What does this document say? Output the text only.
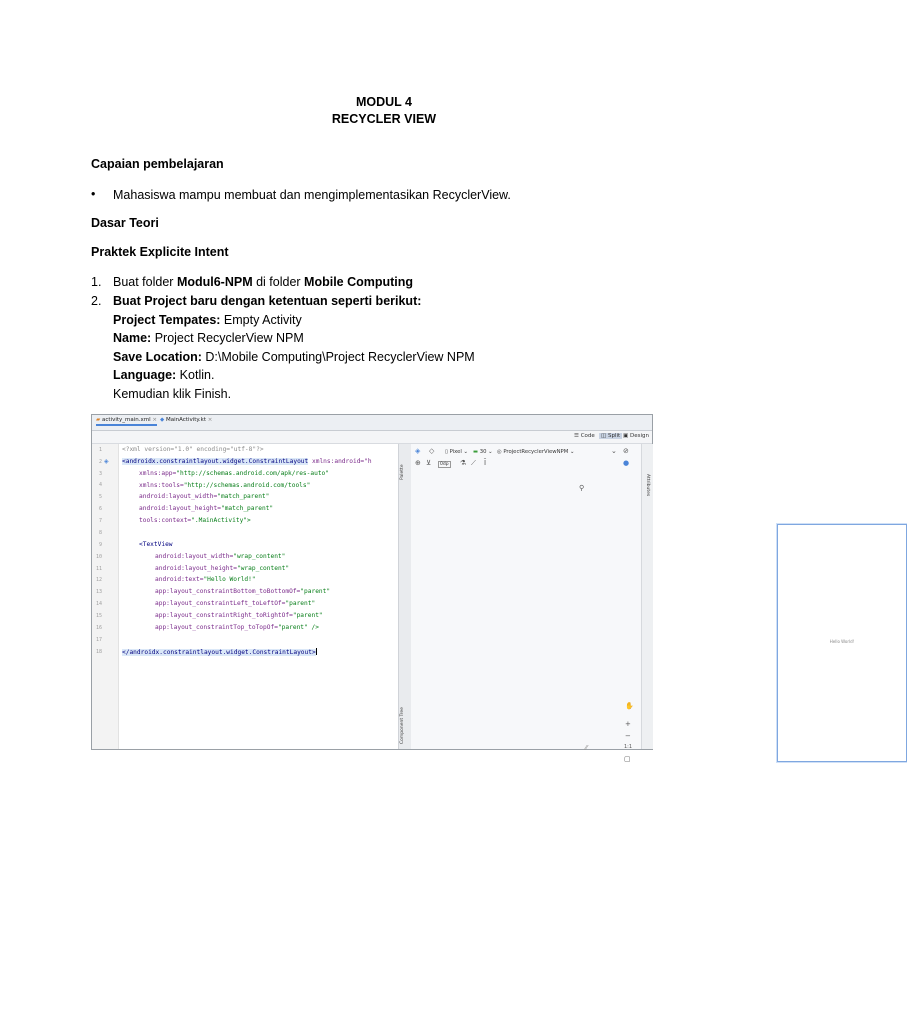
MODUL 4
RECYCLER VIEW
Capaian pembelajaran
• Mahasiswa mampu membuat dan mengimplementasikan RecyclerView.
Dasar Teori
Praktek Explicite Intent
1. Buat folder Modul6-NPM di folder Mobile Computing
2. Buat Project baru dengan ketentuan seperti berikut:
Project Tempates: Empty Activity
Name: Project RecyclerView NPM
Save Location: D:\Mobile Computing\Project RecyclerView NPM
Language: Kotlin.
Kemudian klik Finish.
▰ activity_main.xml × ◆ MainActivity.kt ×
☰ Code	◫ Split ▣ Design
1
2 ◈
3
4
5
6
7
8
9
10
11
12
13
14
15
16
17
18
<?xml version="1.0" encoding="utf-8"?>
<androidx.constraintlayout.widget.ConstraintLayout xmlns:android="h
xmlns:app="http://schemas.android.com/apk/res-auto"
xmlns:tools="http://schemas.android.com/tools"
android:layout_width="match_parent"
android:layout_height="match_parent"
tools:context=".MainActivity">
<TextView
android:layout_width="wrap_content"
android:layout_height="wrap_content"
android:text="Hello World!"
app:layout_constraintBottom_toBottomOf="parent"
app:layout_constraintLeft_toLeftOf="parent"
app:layout_constraintRight_toRightOf="parent"
app:layout_constraintTop_toTopOf="parent" />
</androidx.constraintlayout.widget.ConstraintLayout>
Palette
Component Tree
◈ ◇ ▯ Pixel ⌄ ▬ 30 ⌄ ◎ ProjectRecyclerViewNPM ⌄	⌄ ⊘
⊕ ⊻	0dp ⚗ ⟋ Ĩ	●
⚲
Hello World!
⁄⁄
✋
+
−
1:1
▢
Attributes
